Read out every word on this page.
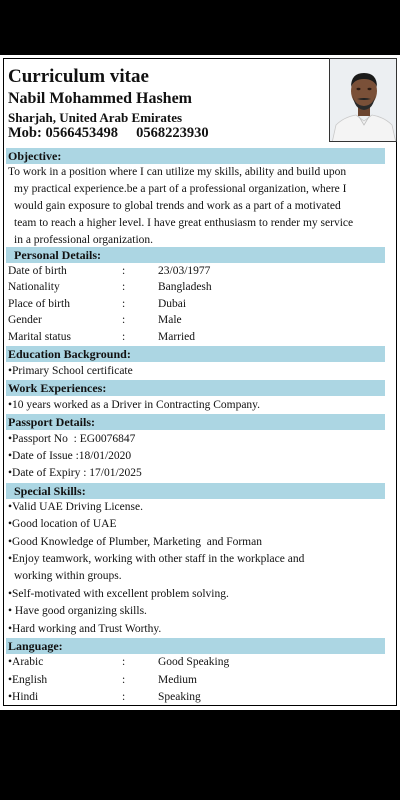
Curriculum vitae
Nabil Mohammed Hashem
Sharjah, United Arab Emirates
Mob: 0566453498     0568223930
Objective:
To work in a position where I can utilize my skills, ability and build upon
my practical experience.be a part of a professional organization, where I
would gain exposure to global trends and work as a part of a motivated
team to reach a higher level. I have great enthusiasm to render my service
in a professional organization.
Personal Details:
Date of birth	:	23/03/1977
Nationality	:	Bangladesh
Place of birth	:	Dubai
Gender	:	Male
Marital status	:	Married
Education Background:
•Primary School certificate
Work Experiences:
•10 years worked as a Driver in Contracting Company.
Passport Details:
•Passport No  : EG0076847
•Date of Issue :18/01/2020
•Date of Expiry : 17/01/2025
Special Skills:
•Valid UAE Driving License.
•Good location of UAE
•Good Knowledge of Plumber, Marketing  and Forman
•Enjoy teamwork, working with other staff in the workplace and
working within groups.
•Self-motivated with excellent problem solving.
• Have good organizing skills.
•Hard working and Trust Worthy.
Language:
•Arabic	:	Good Speaking
•English	:	Medium
•Hindi	:	Speaking
